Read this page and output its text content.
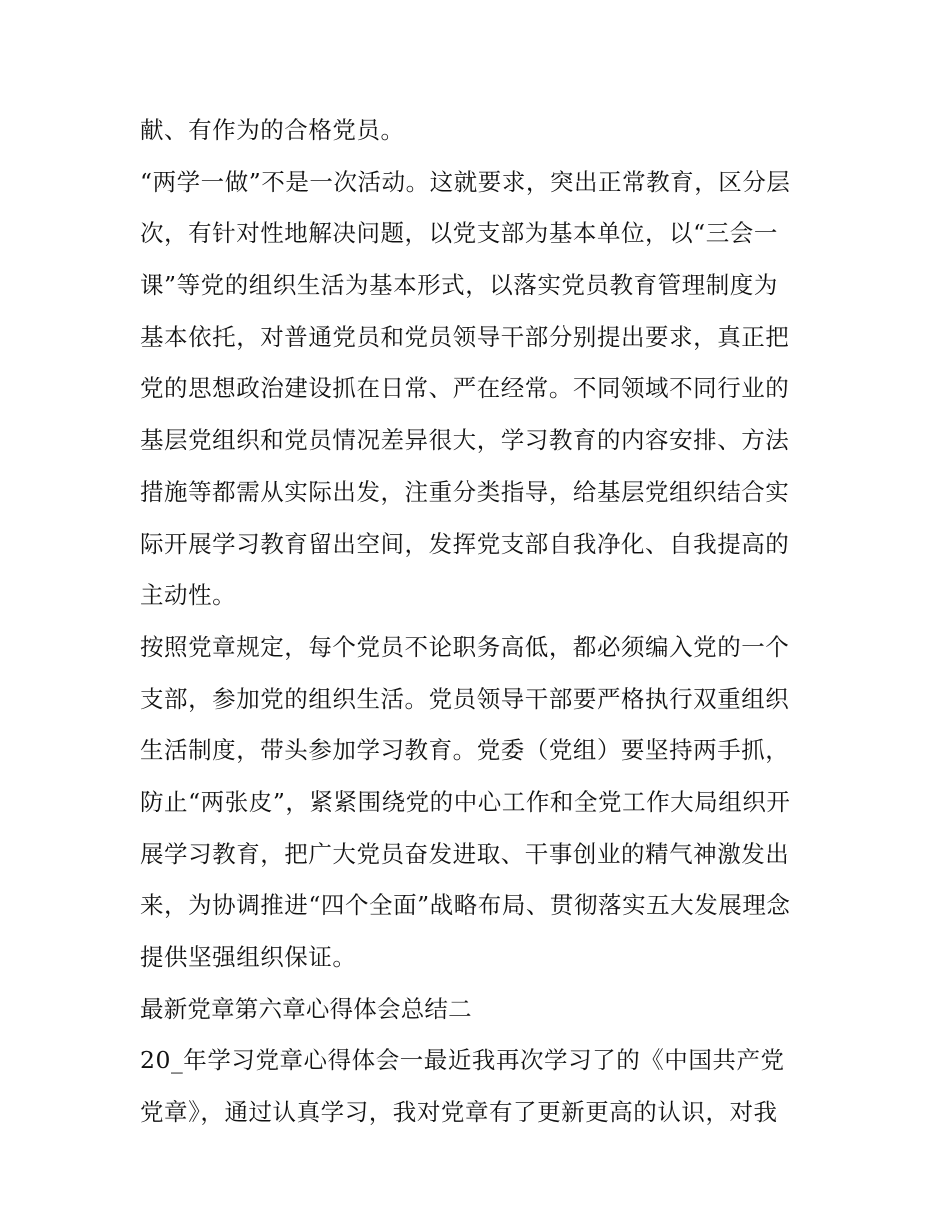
献、有作为的合格党员。
“两学一做”不是一次活动。这就要求，突出正常教育，区分层
次，有针对性地解决问题，以党支部为基本单位，以“三会一
课”等党的组织生活为基本形式，以落实党员教育管理制度为
基本依托，对普通党员和党员领导干部分别提出要求，真正把
党的思想政治建设抓在日常、严在经常。不同领域不同行业的
基层党组织和党员情况差异很大，学习教育的内容安排、方法
措施等都需从实际出发，注重分类指导，给基层党组织结合实
际开展学习教育留出空间，发挥党支部自我净化、自我提高的
主动性。
按照党章规定，每个党员不论职务高低，都必须编入党的一个
支部，参加党的组织生活。党员领导干部要严格执行双重组织
生活制度，带头参加学习教育。党委（党组）要坚持两手抓，
防止“两张皮”，紧紧围绕党的中心工作和全党工作大局组织开
展学习教育，把广大党员奋发进取、干事创业的精气神激发出
来，为协调推进“四个全面”战略布局、贯彻落实五大发展理念
提供坚强组织保证。
最新党章第六章心得体会总结二
20_年学习党章心得体会一最近我再次学习了的《中国共产党
党章》，通过认真学习，我对党章有了更新更高的认识，对我
